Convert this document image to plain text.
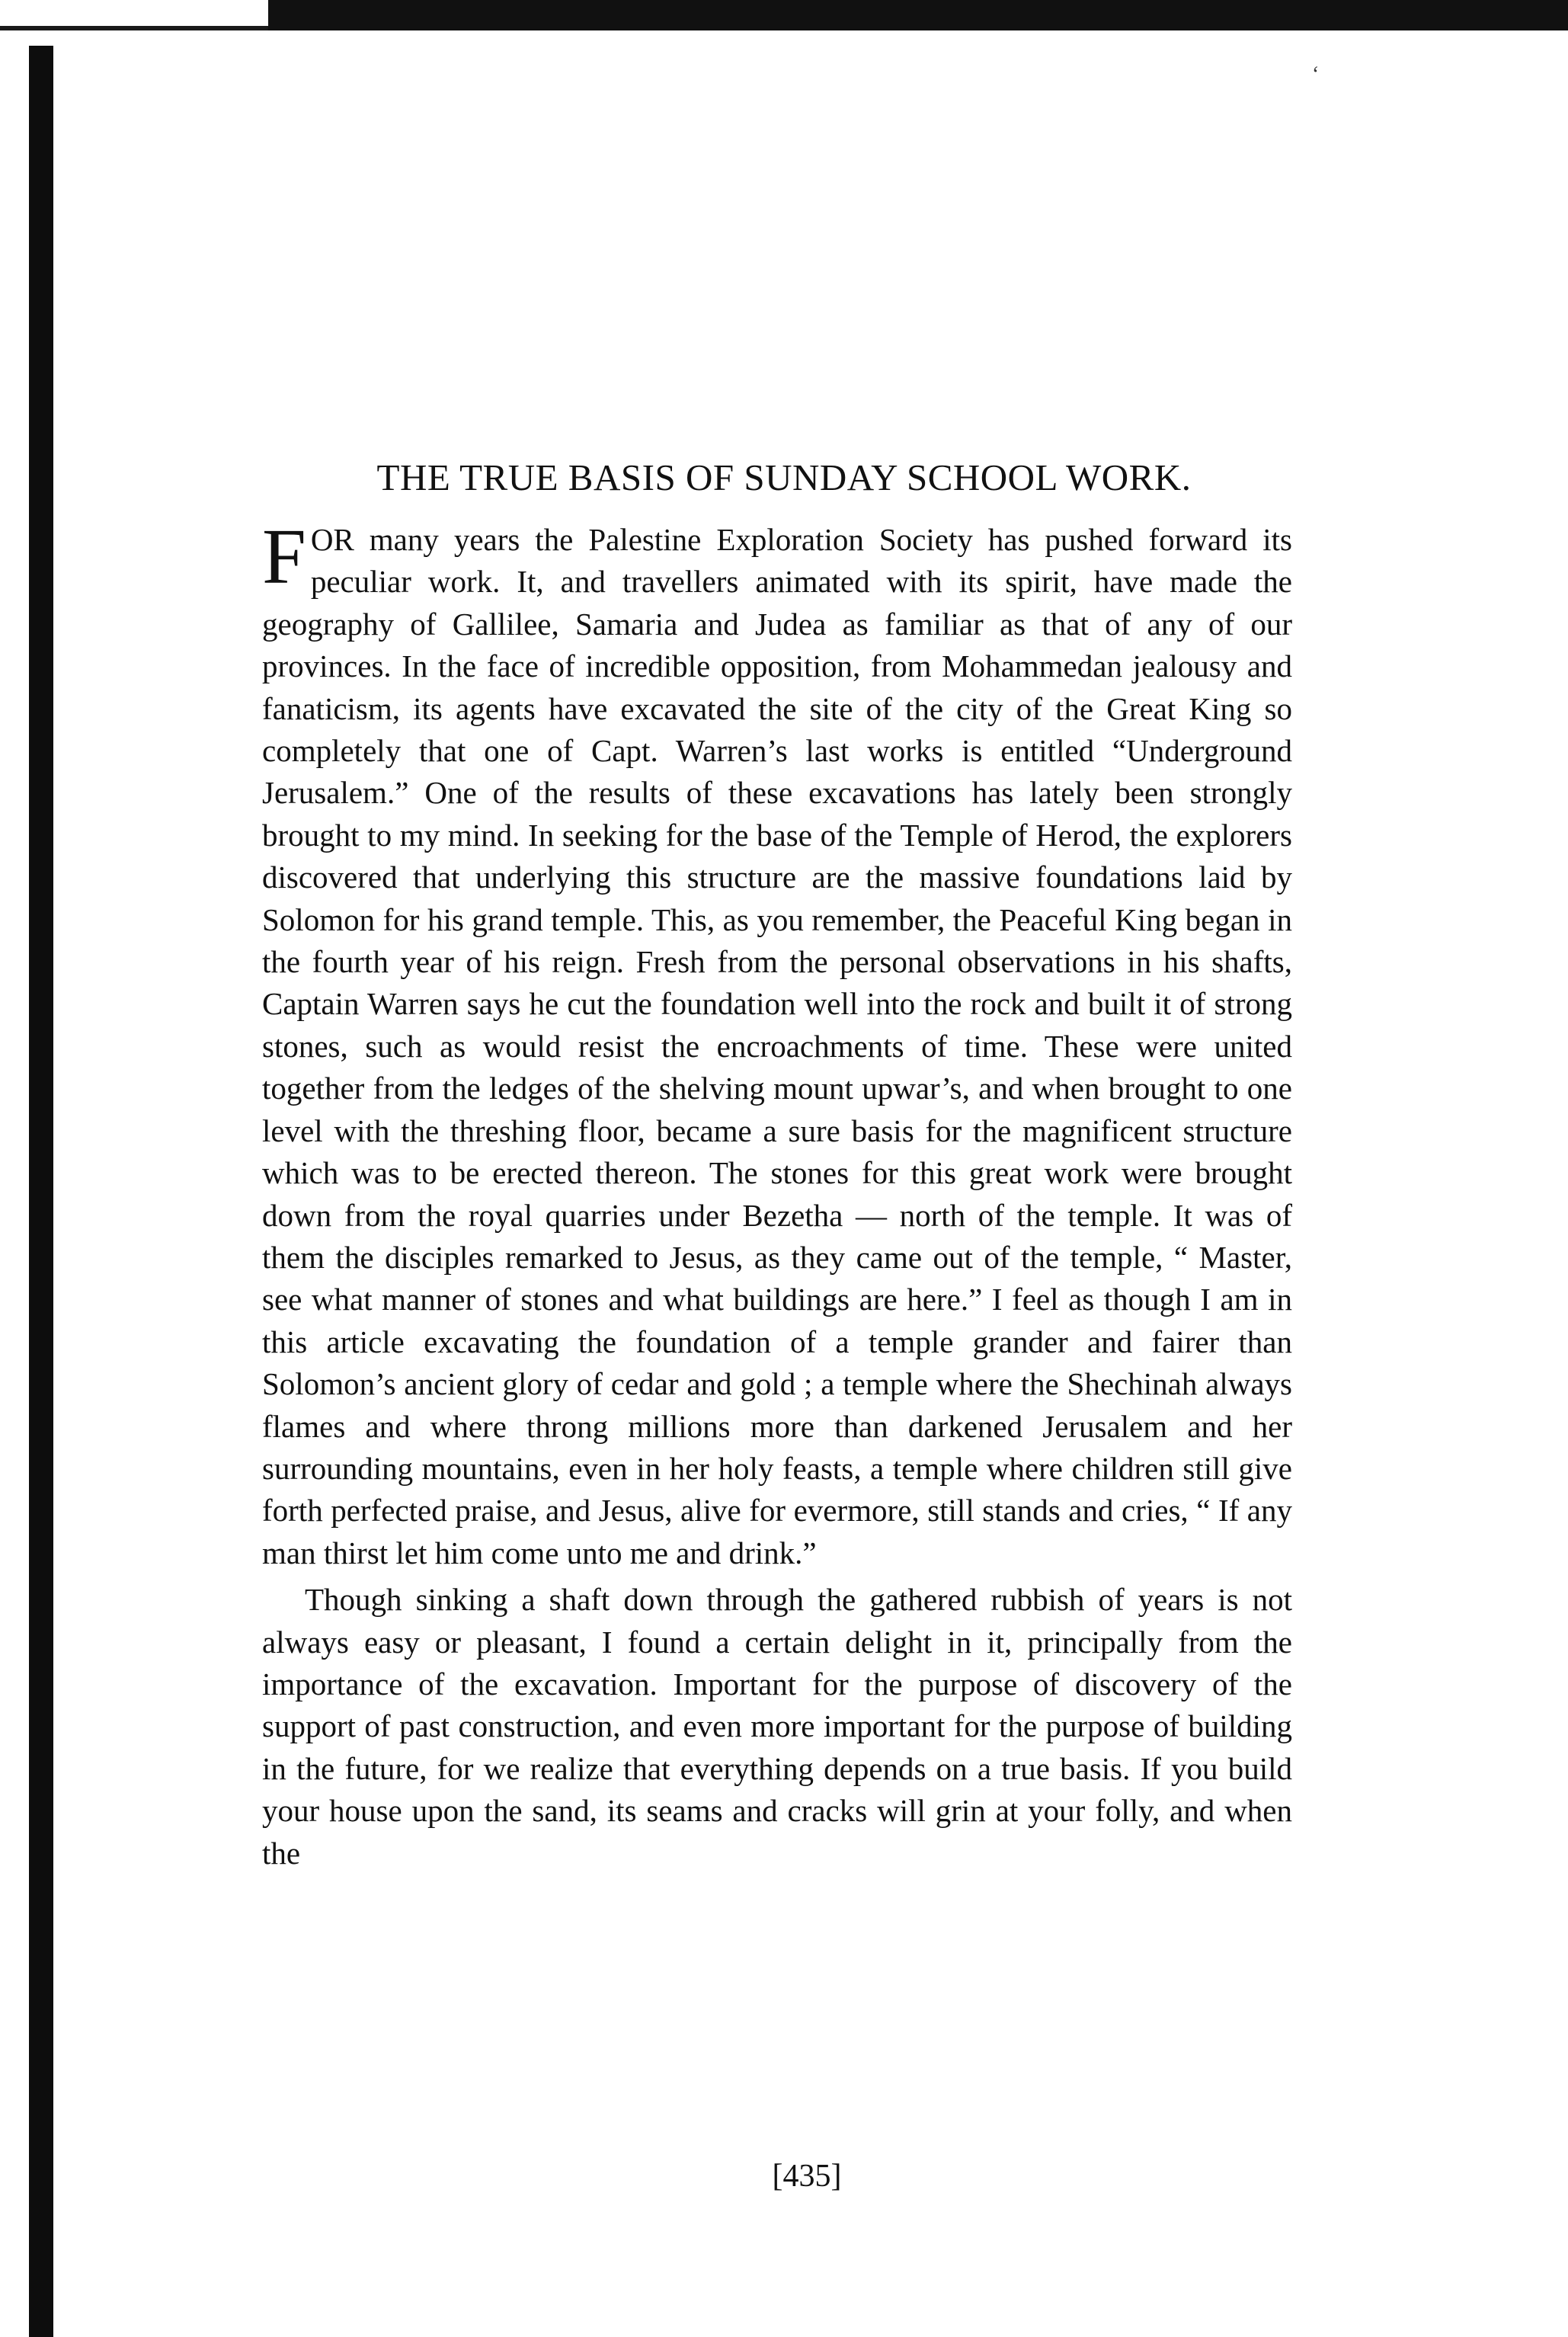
‘
THE TRUE BASIS OF SUNDAY SCHOOL WORK.

FOR many years the Palestine Exploration Society has pushed forward its peculiar work. It, and travellers animated with its spirit, have made the geography of Gallilee, Samaria and Judea as familiar as that of any of our provinces. In the face of incredible opposition, from Mohammedan jealousy and fanaticism, its agents have excavated the site of the city of the Great King so completely that one of Capt. Warren’s last works is entitled “Underground Jerusalem.” One of the results of these excavations has lately been strongly brought to my mind. In seeking for the base of the Temple of Herod, the explorers discovered that underlying this structure are the massive foundations laid by Solomon for his grand temple. This, as you remember, the Peaceful King began in the fourth year of his reign. Fresh from the personal observations in his shafts, Captain Warren says he cut the foundation well into the rock and built it of strong stones, such as would resist the encroachments of time. These were united together from the ledges of the shelving mount upwar’s, and when brought to one level with the threshing floor, became a sure basis for the magnificent structure which was to be erected thereon. The stones for this great work were brought down from the royal quarries under Bezetha — north of the temple. It was of them the disciples remarked to Jesus, as they came out of the temple, “ Master, see what manner of stones and what buildings are here.” I feel as though I am in this article excavating the foundation of a temple grander and fairer than Solomon’s ancient glory of cedar and gold ; a temple where the Shechinah always flames and where throng millions more than darkened Jerusalem and her surrounding mountains, even in her holy feasts, a temple where children still give forth perfected praise, and Jesus, alive for evermore, still stands and cries, “ If any man thirst let him come unto me and drink.”

Though sinking a shaft down through the gathered rubbish of years is not always easy or pleasant, I found a certain delight in it, principally from the importance of the excavation. Important for the purpose of discovery of the support of past construction, and even more important for the purpose of building in the future, for we realize that everything depends on a true basis. If you build your house upon the sand, its seams and cracks will grin at your folly, and when the

[435]
